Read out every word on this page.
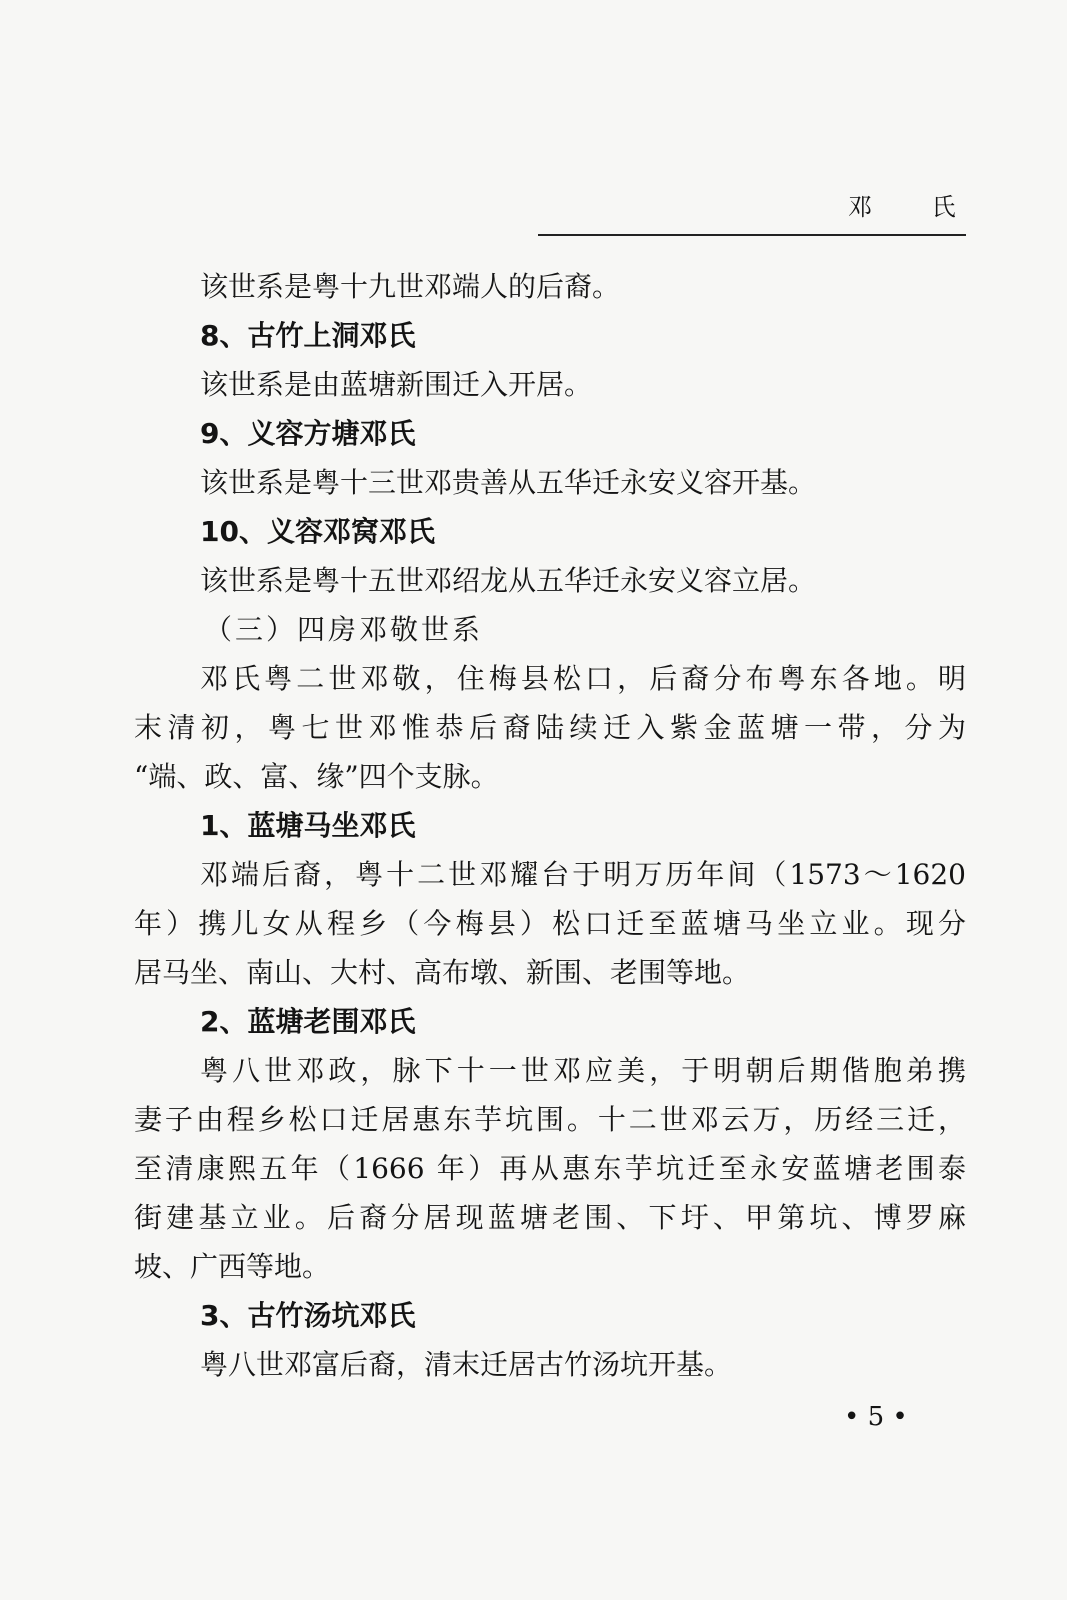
邓 氏
该世系是粤十九世邓端人的后裔。
8、古竹上洞邓氏
该世系是由蓝塘新围迁入开居。
9、义容方塘邓氏
该世系是粤十三世邓贵善从五华迁永安义容开基。
10、义容邓窝邓氏
该世系是粤十五世邓绍龙从五华迁永安义容立居。
（三）四房邓敬世系
邓氏粤二世邓敬，住梅县松口，后裔分布粤东各地。明
末清初，粤七世邓惟恭后裔陆续迁入紫金蓝塘一带，分为
“端、政、富、缘”四个支脉。
1、蓝塘马坐邓氏
邓端后裔，粤十二世邓耀台于明万历年间（1573～1620
年）携儿女从程乡（今梅县）松口迁至蓝塘马坐立业。现分
居马坐、南山、大村、高布墩、新围、老围等地。
2、蓝塘老围邓氏
粤八世邓政，脉下十一世邓应美，于明朝后期偕胞弟携
妻子由程乡松口迁居惠东芋坑围。十二世邓云万，历经三迁，
至清康熙五年（1666 年）再从惠东芋坑迁至永安蓝塘老围泰
街建基立业。后裔分居现蓝塘老围、下圩、甲第坑、博罗麻
坡、广西等地。
3、古竹汤坑邓氏
粤八世邓富后裔，清末迁居古竹汤坑开基。
• 5 •
